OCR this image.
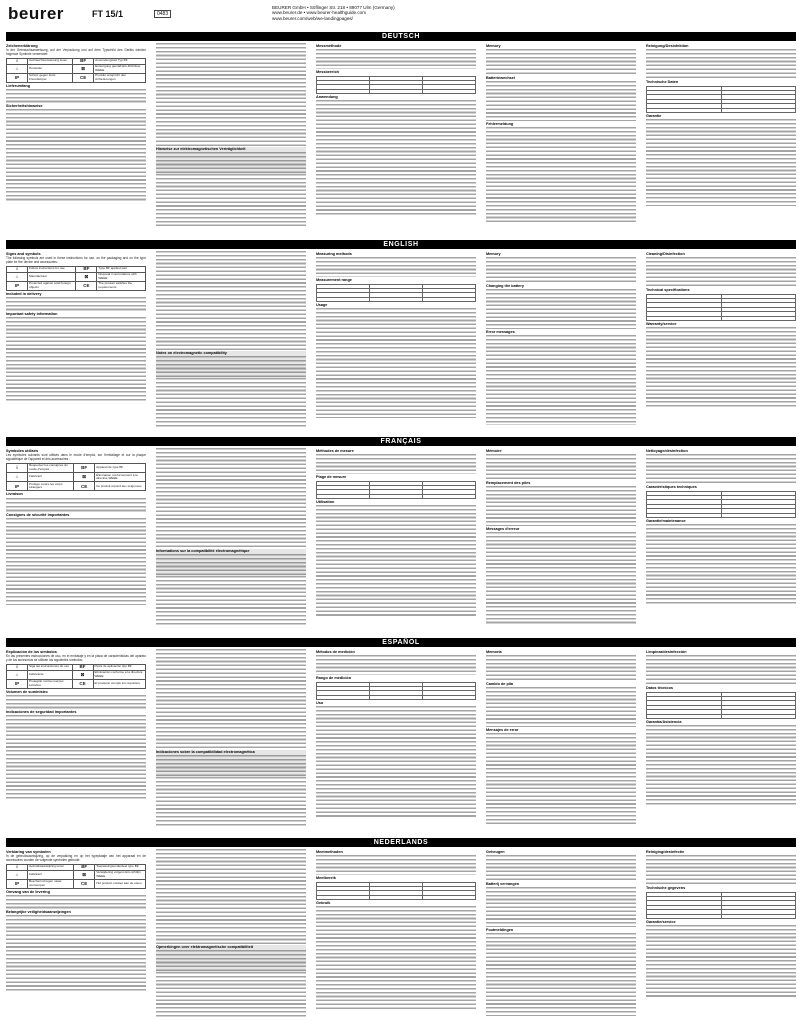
beurer	FT 15/1	0483
BEURER GmbH • Söflinger Str. 218 • 89077 Ulm (Germany)
www.beurer.de • www.beurer-healthguide.com
www.beurer.com/web/we-landingpages/
DEUTSCH
Zeichenerklärung

In der Gebrauchsanweisung, auf der Verpackung und auf dem Typschild des Geräts werden folgende Symbole verwendet:

i	Gebrauchsanweisung lesen	BF	Anwendungsteil Typ BF
⌂	Hersteller	⊠	Entsorgung gemäß EG-Richtlinie WEEE
IP	Schutz gegen feste Fremdkörper	CE	Produkt entspricht den Anforderungen
Lieferumfang
Sicherheitshinweise
Hinweise zur elektromagnetischen Verträglichkeit
Messmethode
Messbereich

Anwendung
Memory
Batteriewechsel
Fehlermeldung
Reinigung/Desinfektion
Technische Daten

Garantie
ENGLISH
Signs and symbols

The following symbols are used in these instructions for use, on the packaging and on the type plate for the device and accessories:

i	Follow instructions for use	BF	Type BF applied part
⌂	Manufacturer	⊠	Disposal in accordance with WEEE
IP	Protected against solid foreign objects	CE	The product satisfies the requirements
Included in delivery
Important safety information
Notes on electromagnetic compatibility
Measuring methods
Measurement range

Usage
Memory
Changing the battery
Error messages
Cleaning/Disinfection
Technical specifications

Warranty/service
FRANÇAIS
Symboles utilisés

Les symboles suivants sont utilisés dans le mode d'emploi, sur l'emballage et sur la plaque signalétique de l'appareil et des accessoires :

i	Respectez les consignes du mode d'emploi	BF	Appareil de type BF
⌂	Fabricant	⊠	Élimination conformément à la directive WEEE
IP	Protégé contre les corps étrangers	CE	Ce produit répond aux exigences
Livraison
Consignes de sécurité importantes
Informations sur la compatibilité électromagnétique
Méthodes de mesure
Plage de mesure

Utilisation
Mémoire
Remplacement des piles
Messages d'erreur
Nettoyage/désinfection
Caractéristiques techniques

Garantie/maintenance
ESPAÑOL
Explicación de los símbolos

En las presentes instrucciones de uso, en el embalaje y en la placa de características del aparato y de los accesorios se utilizan los siguientes símbolos:

i	Siga las instrucciones de uso	BF	Pieza de aplicación tipo BF
⌂	Fabricante	⊠	Eliminación conforme a la directiva WEEE
IP	Protegido contra cuerpos extraños	CE	El producto cumple los requisitos
Volumen de suministro
Indicaciones de seguridad importantes
Indicaciones sobre la compatibilidad electromagnética
Métodos de medición
Rango de medición

Uso
Memoria
Cambio de pila
Mensajes de error
Limpieza/desinfección
Datos técnicos

Garantía/Asistencia
NEDERLANDS
Verklaring van symbolen

In de gebruiksaanwijzing, op de verpakking en op het typeplaatje van het apparaat en de accessoires worden de volgende symbolen gebruikt:

i	Gebruiksaanwijzing lezen	BF	Toepassingsonderdeel type BF
⌂	Fabrikant	⊠	Verwijdering volgens EG-richtlijn WEEE
IP	Beschermd tegen vaste voorwerpen	CE	Het product voldoet aan de eisen
Omvang van de levering
Belangrijke veiligheidsaanwijzingen
Opmerkingen over elektromagnetische compatibiliteit
Meetmethoden
Meetbereik

Gebruik
Geheugen
Batterij vervangen
Foutmeldingen
Reiniging/desinfectie
Technische gegevens

Garantie/service
